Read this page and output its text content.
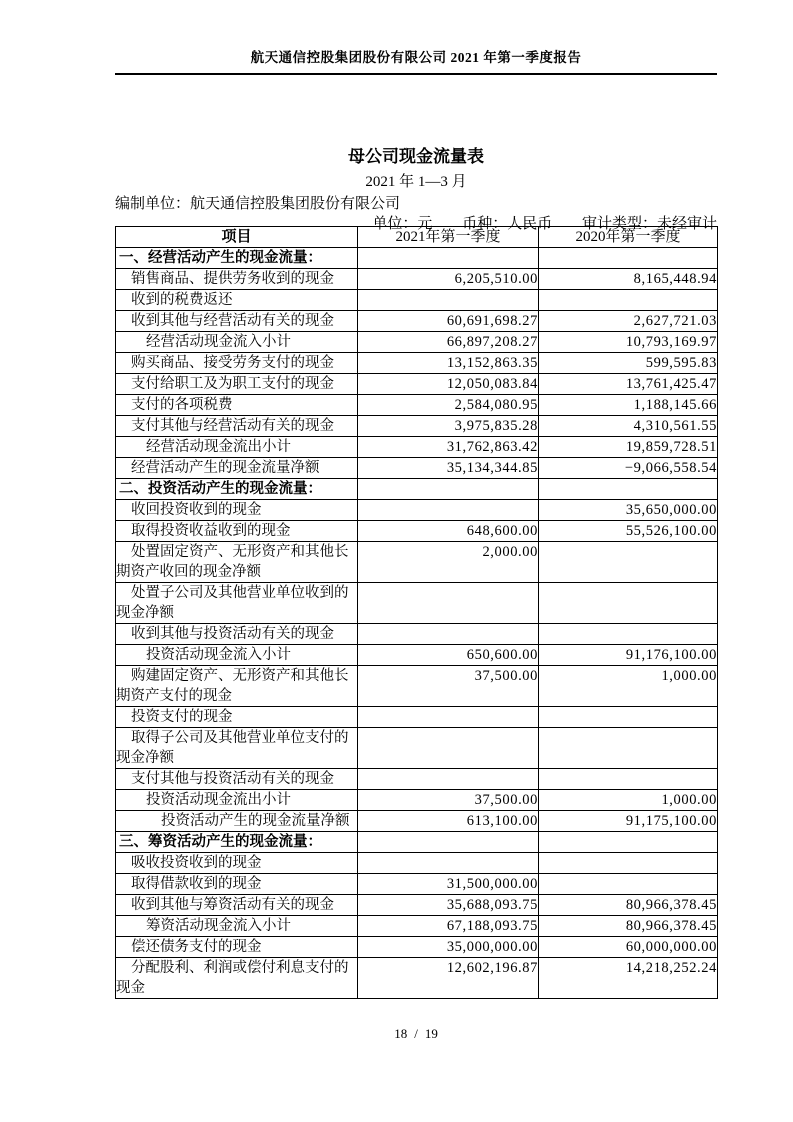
航天通信控股集团股份有限公司 2021 年第一季度报告
母公司现金流量表
2021 年 1—3 月
编制单位：航天通信控股集团股份有限公司
单位：元 币种：人民币 审计类型：未经审计
项目	2021年第一季度	2020年第一季度
一、经营活动产生的现金流量：		
销售商品、提供劳务收到的现金	6,205,510.00	8,165,448.94
收到的税费返还		
收到其他与经营活动有关的现金	60,691,698.27	2,627,721.03
经营活动现金流入小计	66,897,208.27	10,793,169.97
购买商品、接受劳务支付的现金	13,152,863.35	599,595.83
支付给职工及为职工支付的现金	12,050,083.84	13,761,425.47
支付的各项税费	2,584,080.95	1,188,145.66
支付其他与经营活动有关的现金	3,975,835.28	4,310,561.55
经营活动现金流出小计	31,762,863.42	19,859,728.51
经营活动产生的现金流量净额	35,134,344.85	−9,066,558.54
二、投资活动产生的现金流量：		
收回投资收到的现金		35,650,000.00
取得投资收益收到的现金	648,600.00	55,526,100.00
处置固定资产、无形资产和其他长期资产收回的现金净额	2,000.00	
处置子公司及其他营业单位收到的现金净额		
收到其他与投资活动有关的现金		
投资活动现金流入小计	650,600.00	91,176,100.00
购建固定资产、无形资产和其他长期资产支付的现金	37,500.00	1,000.00
投资支付的现金		
取得子公司及其他营业单位支付的现金净额		
支付其他与投资活动有关的现金		
投资活动现金流出小计	37,500.00	1,000.00
投资活动产生的现金流量净额	613,100.00	91,175,100.00
三、筹资活动产生的现金流量：		
吸收投资收到的现金		
取得借款收到的现金	31,500,000.00	
收到其他与筹资活动有关的现金	35,688,093.75	80,966,378.45
筹资活动现金流入小计	67,188,093.75	80,966,378.45
偿还债务支付的现金	35,000,000.00	60,000,000.00
分配股利、利润或偿付利息支付的现金	12,602,196.87	14,218,252.24
18 / 19
